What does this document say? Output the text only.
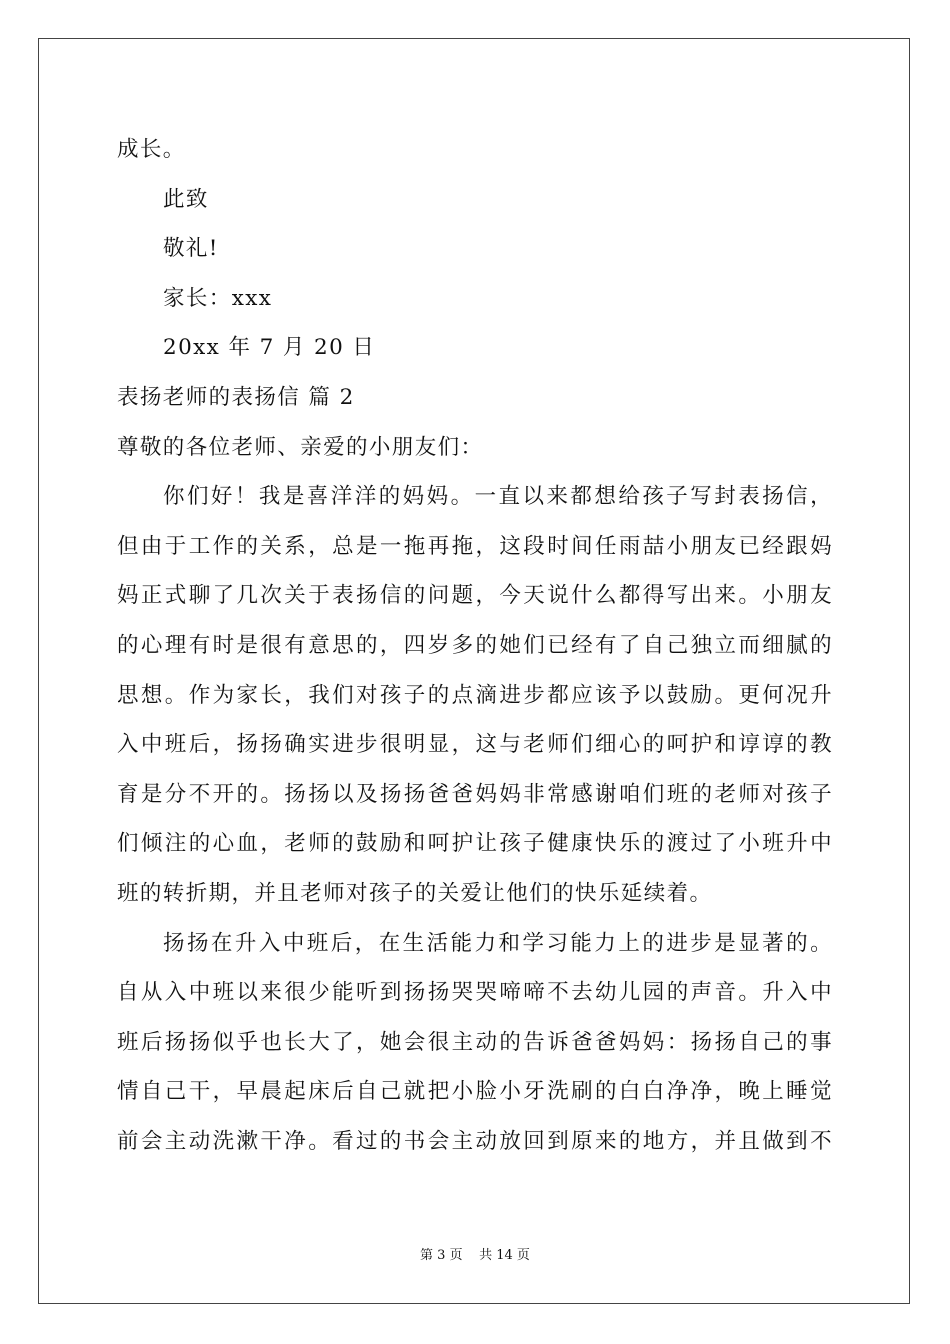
成长。
此致
敬礼!
家长：xxx
20xx 年 7 月 20 日
表扬老师的表扬信 篇 2
尊敬的各位老师、亲爱的小朋友们：
你们好！我是喜洋洋的妈妈。一直以来都想给孩子写封表扬信，
但由于工作的关系，总是一拖再拖，这段时间任雨喆小朋友已经跟妈
妈正式聊了几次关于表扬信的问题，今天说什么都得写出来。小朋友
的心理有时是很有意思的，四岁多的她们已经有了自己独立而细腻的
思想。作为家长，我们对孩子的点滴进步都应该予以鼓励。更何况升
入中班后，扬扬确实进步很明显，这与老师们细心的呵护和谆谆的教
育是分不开的。扬扬以及扬扬爸爸妈妈非常感谢咱们班的老师对孩子
们倾注的心血，老师的鼓励和呵护让孩子健康快乐的渡过了小班升中
班的转折期，并且老师对孩子的关爱让他们的快乐延续着。
扬扬在升入中班后，在生活能力和学习能力上的进步是显著的。
自从入中班以来很少能听到扬扬哭哭啼啼不去幼儿园的声音。升入中
班后扬扬似乎也长大了，她会很主动的告诉爸爸妈妈：扬扬自己的事
情自己干，早晨起床后自己就把小脸小牙洗刷的白白净净，晚上睡觉
前会主动洗漱干净。看过的书会主动放回到原来的地方，并且做到不
第 3 页 共 14 页
